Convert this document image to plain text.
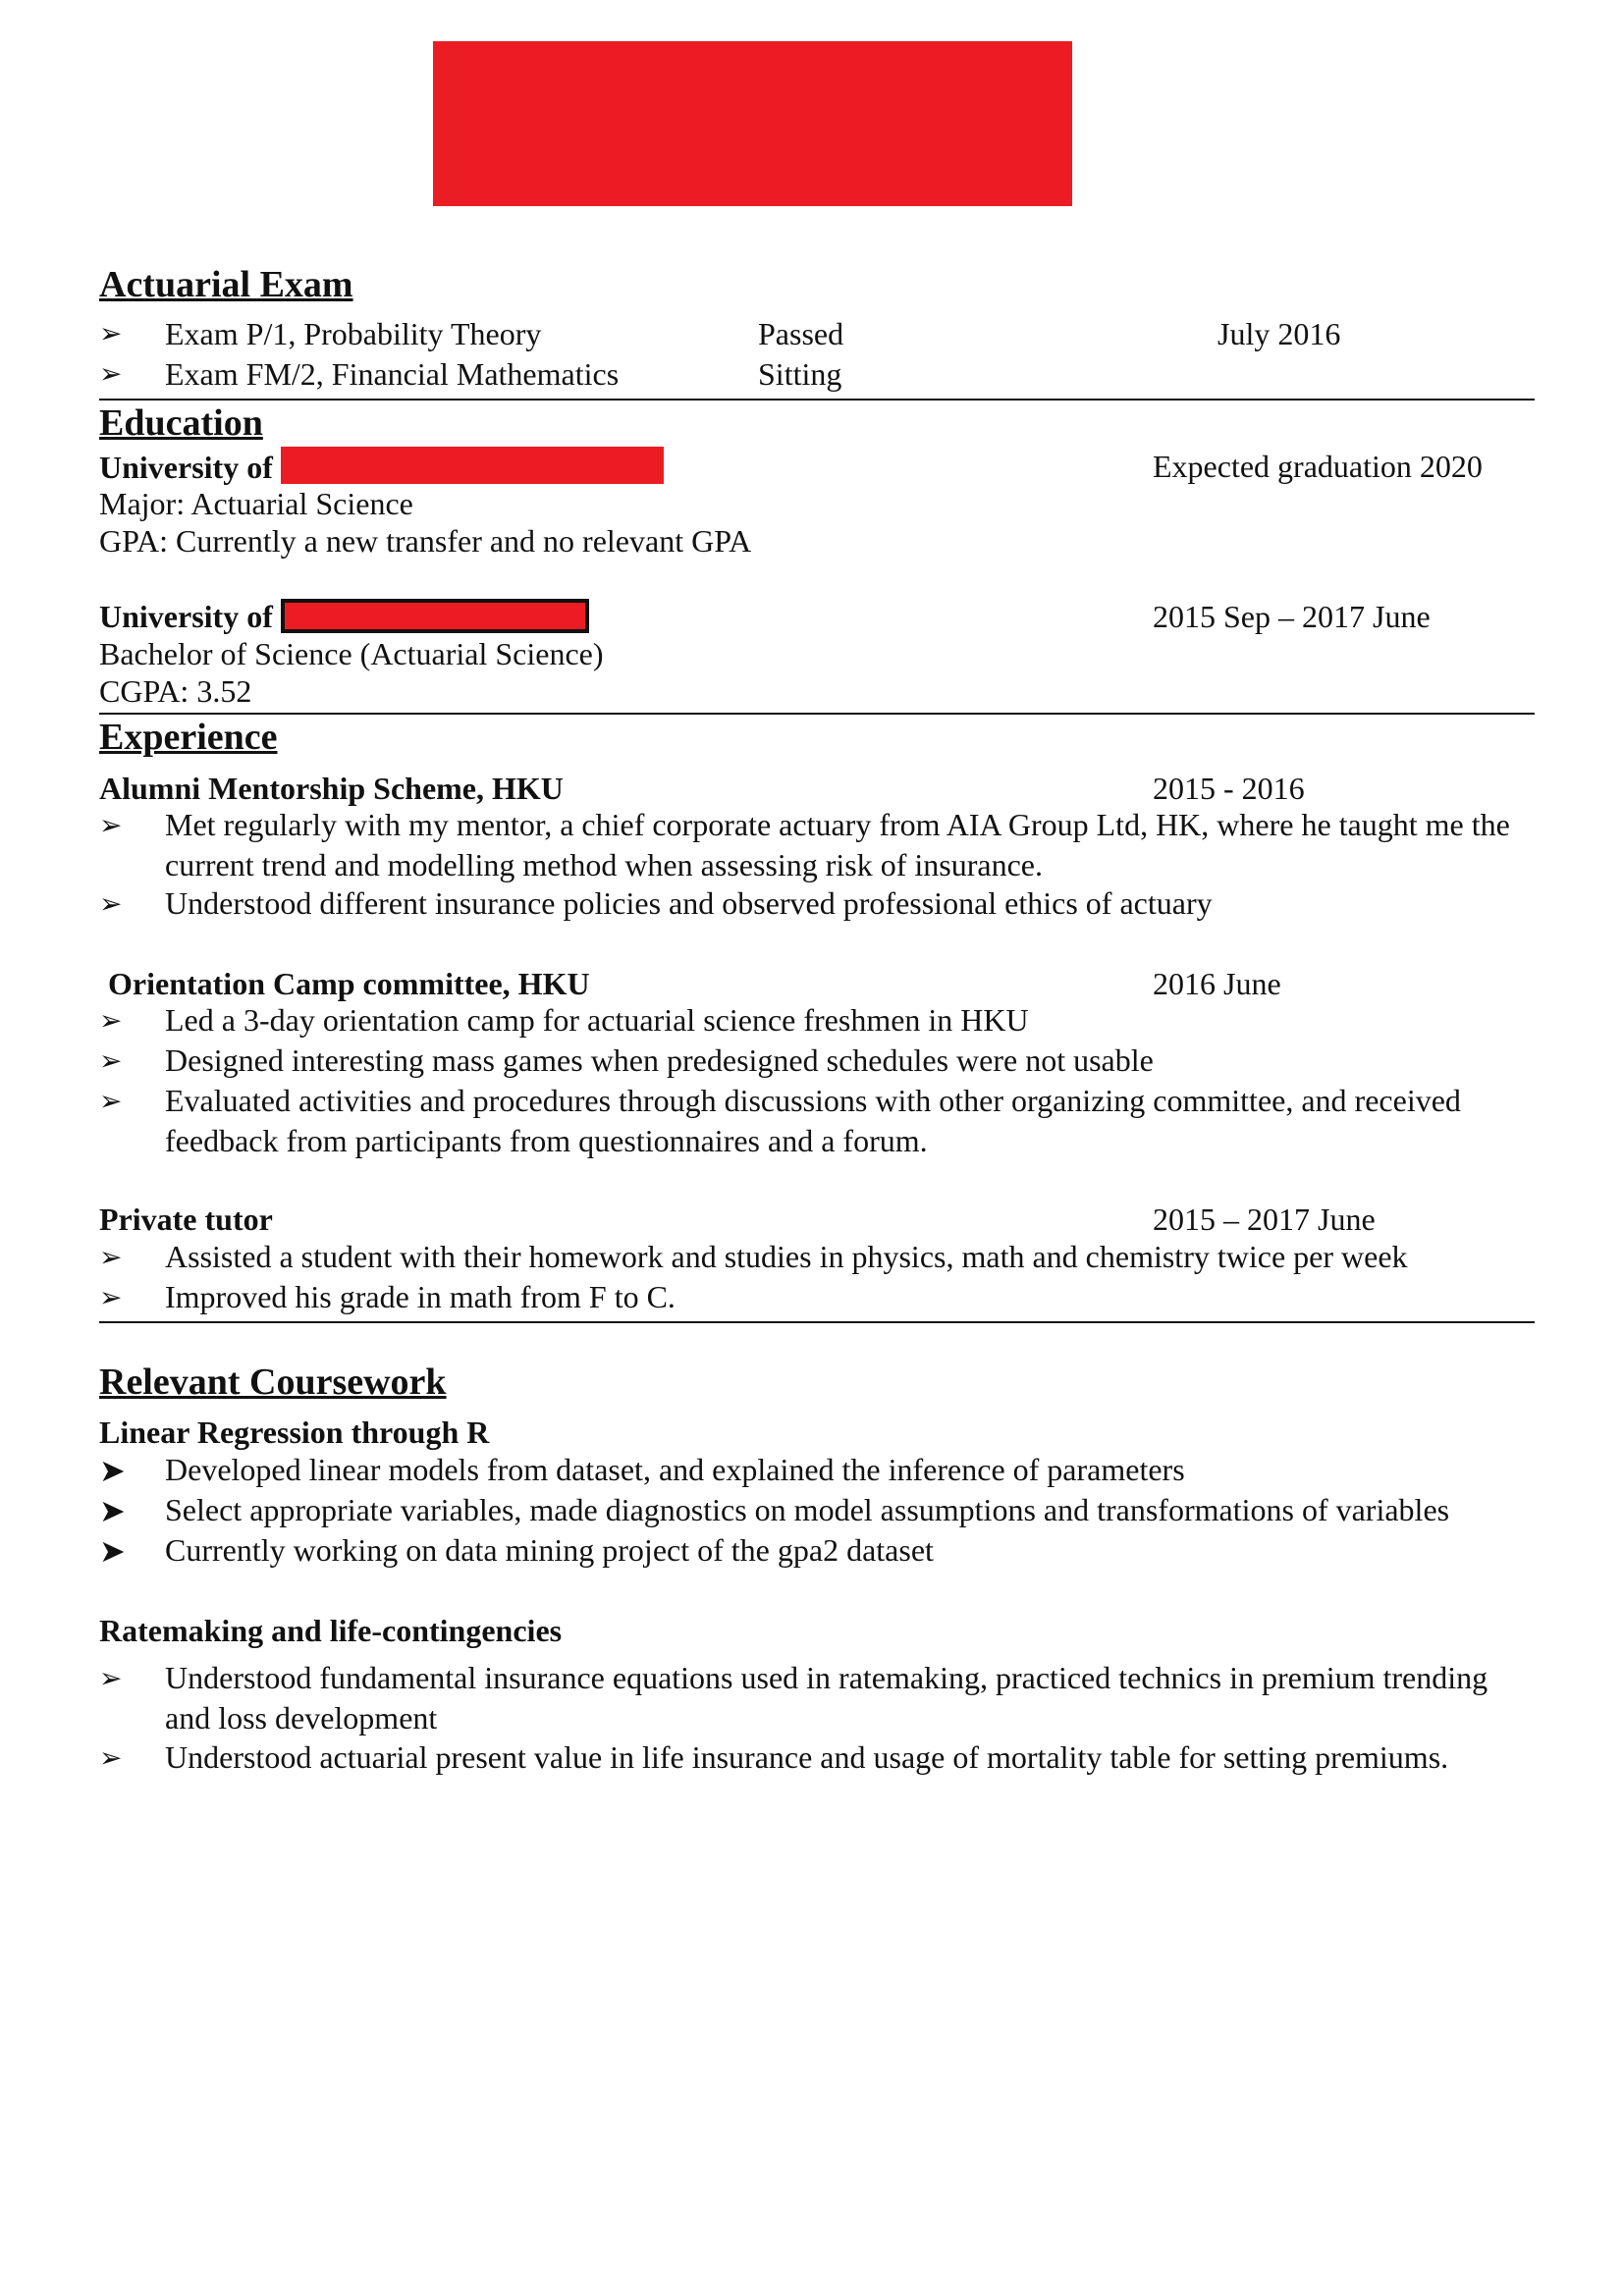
Actuarial Exam
➢ Exam P/1, Probability Theory	Passed	July 2016
➢ Exam FM/2, Financial Mathematics	Sitting
Education
University of	Expected graduation 2020
Major: Actuarial Science
GPA: Currently a new transfer and no relevant GPA
University of	2015 Sep – 2017 June
Bachelor of Science (Actuarial Science)
CGPA: 3.52
Experience
Alumni Mentorship Scheme, HKU	2015 - 2016
➢ Met regularly with my mentor, a chief corporate actuary from AIA Group Ltd, HK, where he taught me the current trend and modelling method when assessing risk of insurance.
➢ Understood different insurance policies and observed professional ethics of actuary
Orientation Camp committee, HKU	2016 June
➢ Led a 3-day orientation camp for actuarial science freshmen in HKU
➢ Designed interesting mass games when predesigned schedules were not usable
➢ Evaluated activities and procedures through discussions with other organizing committee, and received feedback from participants from questionnaires and a forum.
Private tutor	2015 – 2017 June
➢ Assisted a student with their homework and studies in physics, math and chemistry twice per week
➢ Improved his grade in math from F to C.
Relevant Coursework
Linear Regression through R
➤ Developed linear models from dataset, and explained the inference of parameters
➤ Select appropriate variables, made diagnostics on model assumptions and transformations of variables
➤ Currently working on data mining project of the gpa2 dataset
Ratemaking and life-contingencies
➢ Understood fundamental insurance equations used in ratemaking, practiced technics in premium trending and loss development
➢ Understood actuarial present value in life insurance and usage of mortality table for setting premiums.
